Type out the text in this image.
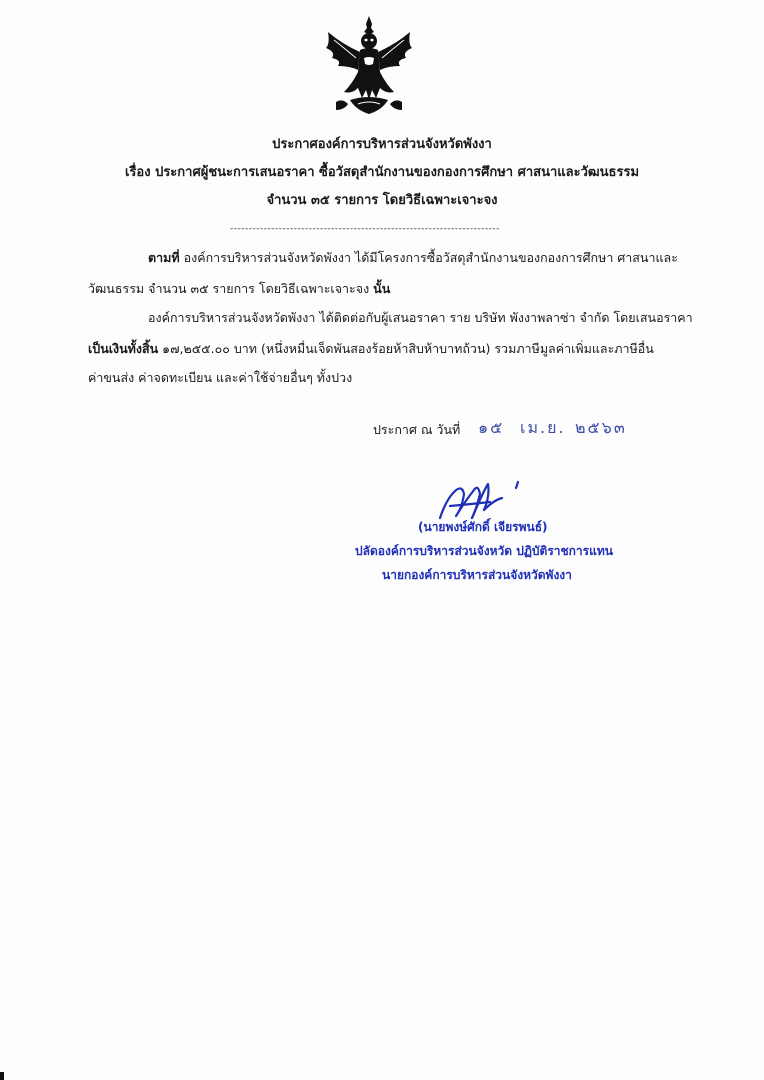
ประกาศองค์การบริหารส่วนจังหวัดพังงา
เรื่อง ประกาศผู้ชนะการเสนอราคา ซื้อวัสดุสำนักงานของกองการศึกษา ศาสนาและวัฒนธรรม
จำนวน ๓๕ รายการ โดยวิธีเฉพาะเจาะจง
------------------------------------------------------------------------
ตามที่ องค์การบริหารส่วนจังหวัดพังงา ได้มีโครงการซื้อวัสดุสำนักงานของกองการศึกษา ศาสนาและ
วัฒนธรรม จำนวน ๓๕ รายการ โดยวิธีเฉพาะเจาะจง นั้น
องค์การบริหารส่วนจังหวัดพังงา ได้ติดต่อกับผู้เสนอราคา ราย บริษัท พังงาพลาซ่า จำกัด โดยเสนอราคา
เป็นเงินทั้งสิ้น ๑๗,๒๕๕.๐๐ บาท (หนึ่งหมื่นเจ็ดพันสองร้อยห้าสิบห้าบาทถ้วน) รวมภาษีมูลค่าเพิ่มและภาษีอื่น
ค่าขนส่ง ค่าจดทะเบียน และค่าใช้จ่ายอื่นๆ ทั้งปวง
ประกาศ ณ วันที่ ๑๕ เม.ย. ๒๕๖๓
(นายพงษ์ศักดิ์ เจียรพนธ์)
ปลัดองค์การบริหารส่วนจังหวัด ปฏิบัติราชการแทน
นายกองค์การบริหารส่วนจังหวัดพังงา
